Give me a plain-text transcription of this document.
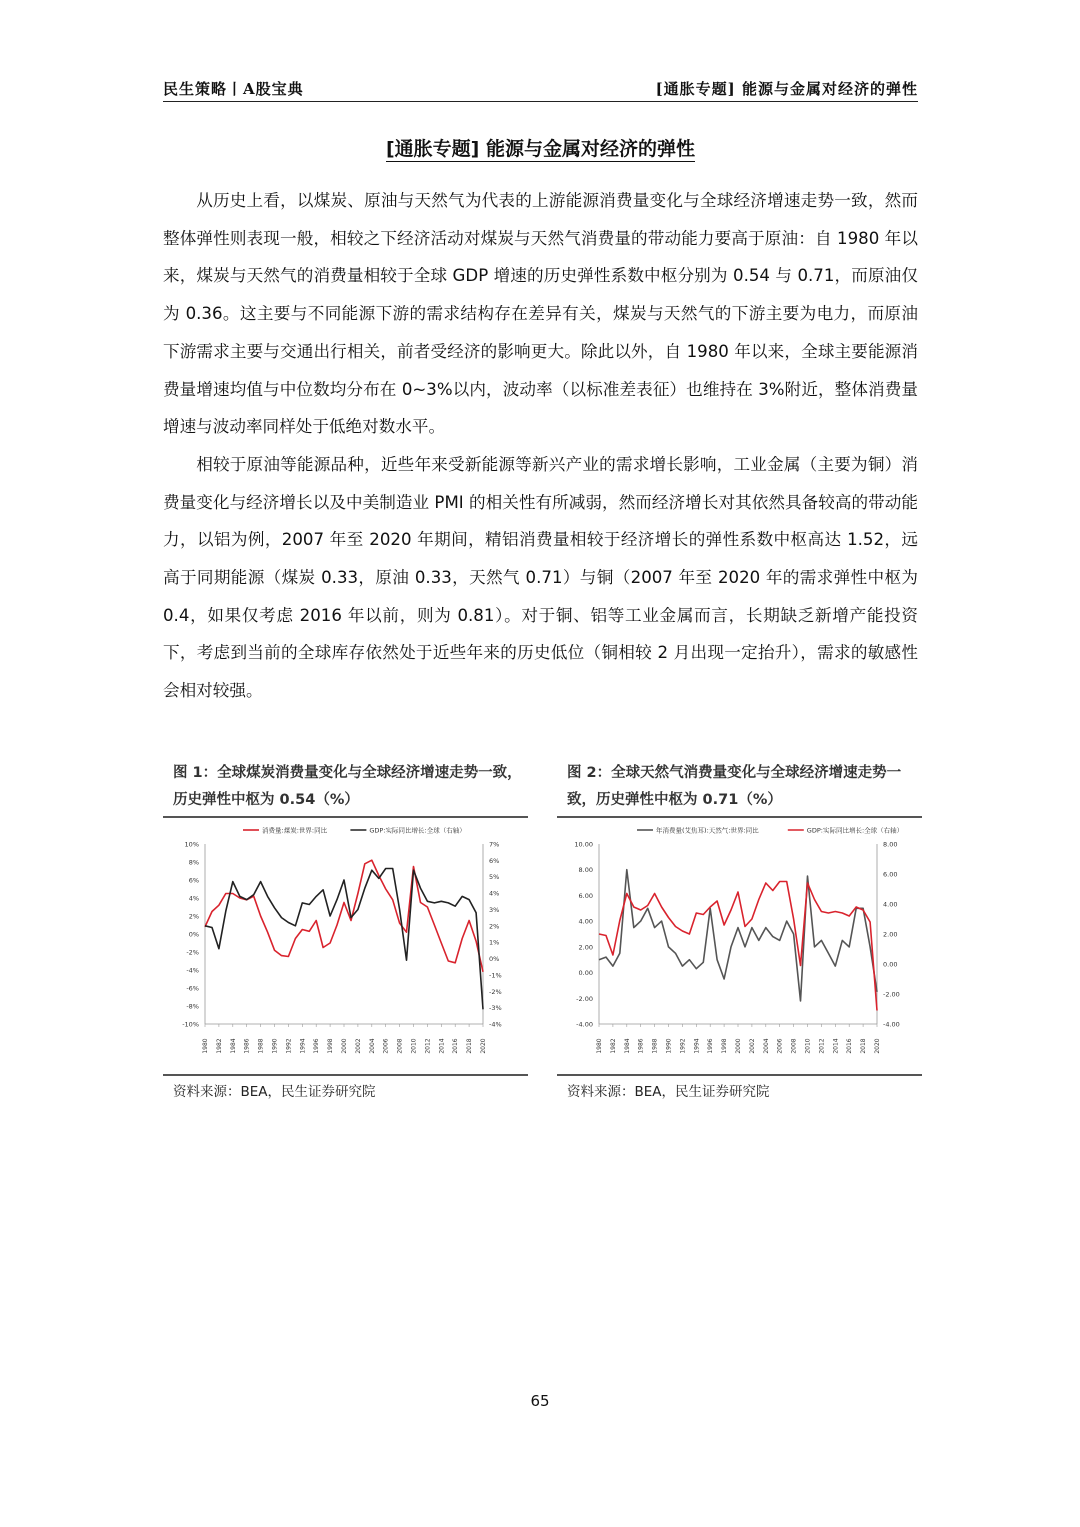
民生策略丨A股宝典	[通胀专题] 能源与金属对经济的弹性
[通胀专题] 能源与金属对经济的弹性

从历史上看，以煤炭、原油与天然气为代表的上游能源消费量变化与全球经济增速走势一致，然而整体弹性则表现一般，相较之下经济活动对煤炭与天然气消费量的带动能力要高于原油：自 1980 年以来，煤炭与天然气的消费量相较于全球 GDP 增速的历史弹性系数中枢分别为 0.54 与 0.71，而原油仅为 0.36。这主要与不同能源下游的需求结构存在差异有关，煤炭与天然气的下游主要为电力，而原油下游需求主要与交通出行相关，前者受经济的影响更大。除此以外，自 1980 年以来，全球主要能源消费量增速均值与中位数均分布在 0~3%以内，波动率（以标准差表征）也维持在 3%附近，整体消费量增速与波动率同样处于低绝对数水平。

相较于原油等能源品种，近些年来受新能源等新兴产业的需求增长影响，工业金属（主要为铜）消费量变化与经济增长以及中美制造业 PMI 的相关性有所减弱，然而经济增长对其依然具备较高的带动能力，以铝为例，2007 年至 2020 年期间，精铝消费量相较于经济增长的弹性系数中枢高达 1.52，远高于同期能源（煤炭 0.33，原油 0.33，天然气 0.71）与铜（2007 年至 2020 年的需求弹性中枢为 0.4，如果仅考虑 2016 年以前，则为 0.81）。对于铜、铝等工业金属而言，长期缺乏新增产能投资下，考虑到当前的全球库存依然处于近些年来的历史低位（铜相较 2 月出现一定抬升），需求的敏感性会相对较强。

图 1：全球煤炭消费量变化与全球经济增速走势一致，历史弹性中枢为 0.54（%）
10%
8%
6%
4%
2%
0%
-2%
-4%
-6%
-8%
-10%
7%
6%
5%
4%
3%
2%
1%
0%
-1%
-2%
-3%
-4%
1980 1982 1984 1986 1988 1990 1992 1994 1996 1998 2000 2002 2004 2006 2008 2010 2012 2014 2016 2018 2020
消费量:煤炭:世界:同比	GDP:实际同比增长:全球（右轴）
资料来源：BEA，民生证券研究院
图 2：全球天然气消费量变化与全球经济增速走势一致，历史弹性中枢为 0.71（%）
10.00
8.00
6.00
4.00
2.00
0.00
-2.00
-4.00
8.00
6.00
4.00
2.00
0.00
-2.00
-4.00
1980 1982 1984 1986 1988 1990 1992 1994 1996 1998 2000 2002 2004 2006 2008 2010 2012 2014 2016 2018 2020
年消费量(艾焦耳):天然气:世界:同比	GDP:实际同比增长:全球（右轴）
资料来源：BEA，民生证券研究院
65
